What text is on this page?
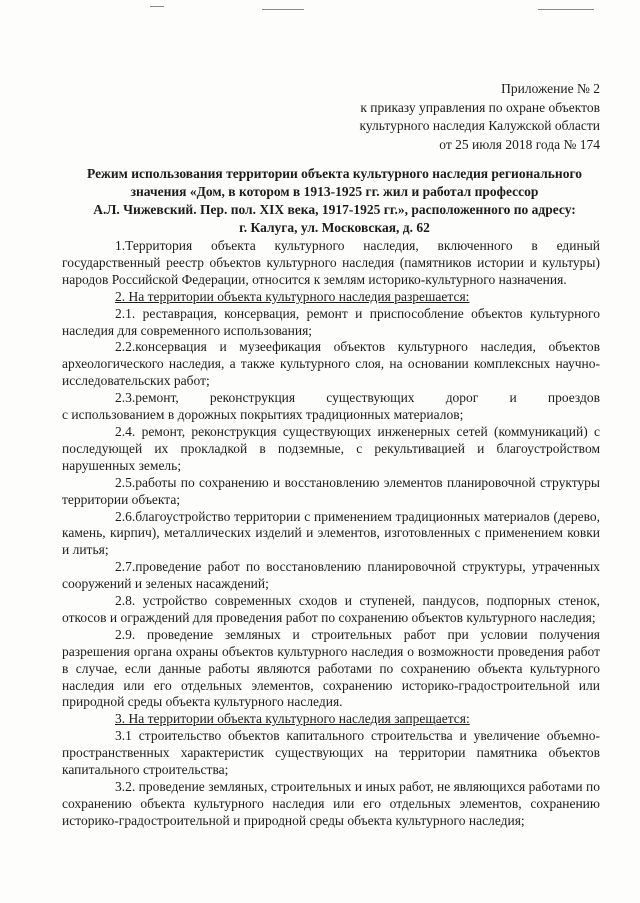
Приложение № 2
к приказу управления по охране объектов
культурного наследия Калужской области
от 25 июля 2018 года № 174
Режим использования территории объекта культурного наследия регионального
значения «Дом, в котором в 1913-1925 гг. жил и работал профессор
А.Л. Чижевский. Пер. пол. XIX века, 1917-1925 гг.», расположенного по адресу:
г. Калуга, ул. Московская, д. 62

1.Территория объекта культурного наследия, включенного в единый государственный реестр объектов культурного наследия (памятников истории и культуры) народов Российской Федерации, относится к землям историко-культурного назначения.

2. На территории объекта культурного наследия разрешается:

2.1. реставрация, консервация, ремонт и приспособление объектов культурного наследия для современного использования;

2.2.консервация и музеефикация объектов культурного наследия, объектов археологического наследия, а также культурного слоя, на основании комплексных научно-исследовательских работ;

2.3.ремонт, реконструкция существующих дорог и проездов

с использованием в дорожных покрытиях традиционных материалов;

2.4. ремонт, реконструкция существующих инженерных сетей (коммуникаций) с последующей их прокладкой в подземные, с рекультивацией и благоустройством нарушенных земель;

2.5.работы по сохранению и восстановлению элементов планировочной структуры территории объекта;

2.6.благоустройство территории с применением традиционных материалов (дерево, камень, кирпич), металлических изделий и элементов, изготовленных с применением ковки и литья;

2.7.проведение работ по восстановлению планировочной структуры, утраченных сооружений и зеленых насаждений;

2.8. устройство современных сходов и ступеней, пандусов, подпорных стенок, откосов и ограждений для проведения работ по сохранению объектов культурного наследия;

2.9. проведение земляных и строительных работ при условии получения разрешения органа охраны объектов культурного наследия о возможности проведения работ в случае, если данные работы являются работами по сохранению объекта культурного наследия или его отдельных элементов, сохранению историко-градостроительной или природной среды объекта культурного наследия.

3. На территории объекта культурного наследия запрещается:

3.1 строительство объектов капитального строительства и увеличение объемно-пространственных характеристик существующих на территории памятника объектов капитального строительства;

3.2. проведение земляных, строительных и иных работ, не являющихся работами по сохранению объекта культурного наследия или его отдельных элементов, сохранению историко-градостроительной и природной среды объекта культурного наследия;
